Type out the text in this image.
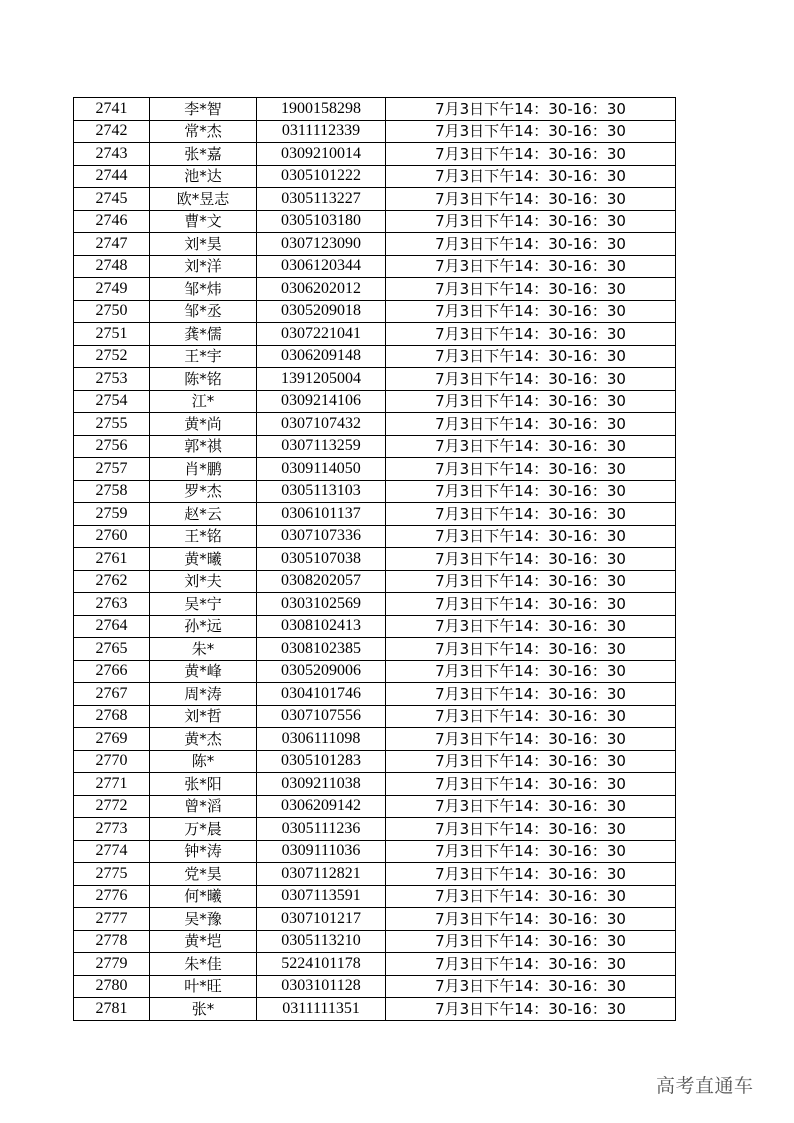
2741	李*智	1900158298	7月3日下午14：30-16：30
2742	常*杰	0311112339	7月3日下午14：30-16：30
2743	张*嘉	0309210014	7月3日下午14：30-16：30
2744	池*达	0305101222	7月3日下午14：30-16：30
2745	欧*昱志	0305113227	7月3日下午14：30-16：30
2746	曹*文	0305103180	7月3日下午14：30-16：30
2747	刘*昊	0307123090	7月3日下午14：30-16：30
2748	刘*洋	0306120344	7月3日下午14：30-16：30
2749	邹*炜	0306202012	7月3日下午14：30-16：30
2750	邹*丞	0305209018	7月3日下午14：30-16：30
2751	龚*儒	0307221041	7月3日下午14：30-16：30
2752	王*宇	0306209148	7月3日下午14：30-16：30
2753	陈*铭	1391205004	7月3日下午14：30-16：30
2754	江*	0309214106	7月3日下午14：30-16：30
2755	黄*尚	0307107432	7月3日下午14：30-16：30
2756	郭*祺	0307113259	7月3日下午14：30-16：30
2757	肖*鹏	0309114050	7月3日下午14：30-16：30
2758	罗*杰	0305113103	7月3日下午14：30-16：30
2759	赵*云	0306101137	7月3日下午14：30-16：30
2760	王*铭	0307107336	7月3日下午14：30-16：30
2761	黄*曦	0305107038	7月3日下午14：30-16：30
2762	刘*夫	0308202057	7月3日下午14：30-16：30
2763	吴*宁	0303102569	7月3日下午14：30-16：30
2764	孙*远	0308102413	7月3日下午14：30-16：30
2765	朱*	0308102385	7月3日下午14：30-16：30
2766	黄*峰	0305209006	7月3日下午14：30-16：30
2767	周*涛	0304101746	7月3日下午14：30-16：30
2768	刘*哲	0307107556	7月3日下午14：30-16：30
2769	黄*杰	0306111098	7月3日下午14：30-16：30
2770	陈*	0305101283	7月3日下午14：30-16：30
2771	张*阳	0309211038	7月3日下午14：30-16：30
2772	曾*滔	0306209142	7月3日下午14：30-16：30
2773	万*晨	0305111236	7月3日下午14：30-16：30
2774	钟*涛	0309111036	7月3日下午14：30-16：30
2775	党*昊	0307112821	7月3日下午14：30-16：30
2776	何*曦	0307113591	7月3日下午14：30-16：30
2777	吴*豫	0307101217	7月3日下午14：30-16：30
2778	黄*垲	0305113210	7月3日下午14：30-16：30
2779	朱*佳	5224101178	7月3日下午14：30-16：30
2780	叶*旺	0303101128	7月3日下午14：30-16：30
2781	张*	0311111351	7月3日下午14：30-16：30
高考直通车
